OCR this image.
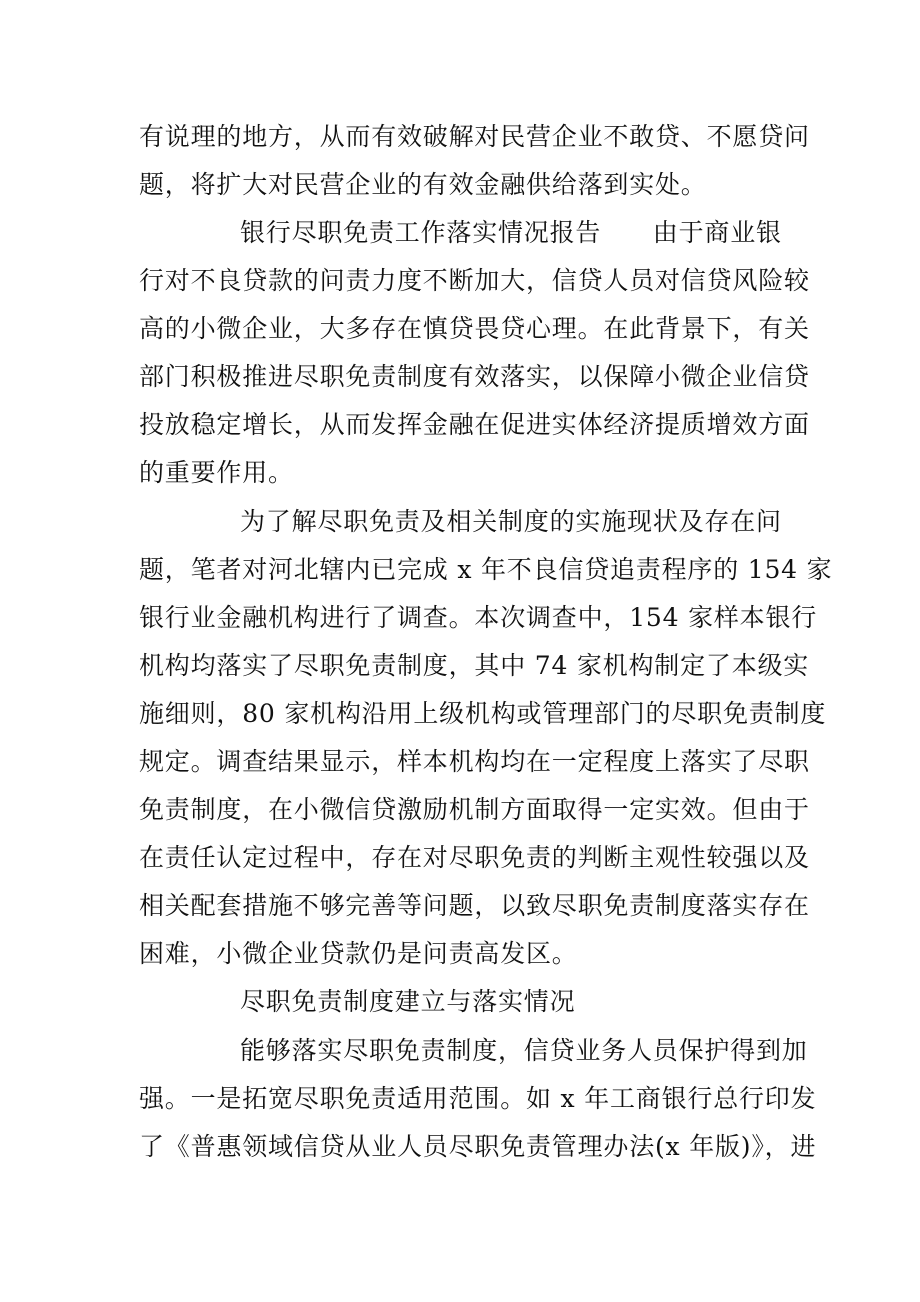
有说理的地方，从而有效破解对民营企业不敢贷、不愿贷问
题，将扩大对民营企业的有效金融供给落到实处。
银行尽职免责工作落实情况报告　　由于商业银
行对不良贷款的问责力度不断加大，信贷人员对信贷风险较
高的小微企业，大多存在慎贷畏贷心理。在此背景下，有关
部门积极推进尽职免责制度有效落实，以保障小微企业信贷
投放稳定增长，从而发挥金融在促进实体经济提质增效方面
的重要作用。
为了解尽职免责及相关制度的实施现状及存在问
题，笔者对河北辖内已完成 x 年不良信贷追责程序的 154 家
银行业金融机构进行了调查。本次调查中，154 家样本银行
机构均落实了尽职免责制度，其中 74 家机构制定了本级实
施细则，80 家机构沿用上级机构或管理部门的尽职免责制度
规定。调查结果显示，样本机构均在一定程度上落实了尽职
免责制度，在小微信贷激励机制方面取得一定实效。但由于
在责任认定过程中，存在对尽职免责的判断主观性较强以及
相关配套措施不够完善等问题，以致尽职免责制度落实存在
困难，小微企业贷款仍是问责高发区。
尽职免责制度建立与落实情况
能够落实尽职免责制度，信贷业务人员保护得到加
强。一是拓宽尽职免责适用范围。如 x 年工商银行总行印发
了《普惠领域信贷从业人员尽职免责管理办法(x 年版)》，进
